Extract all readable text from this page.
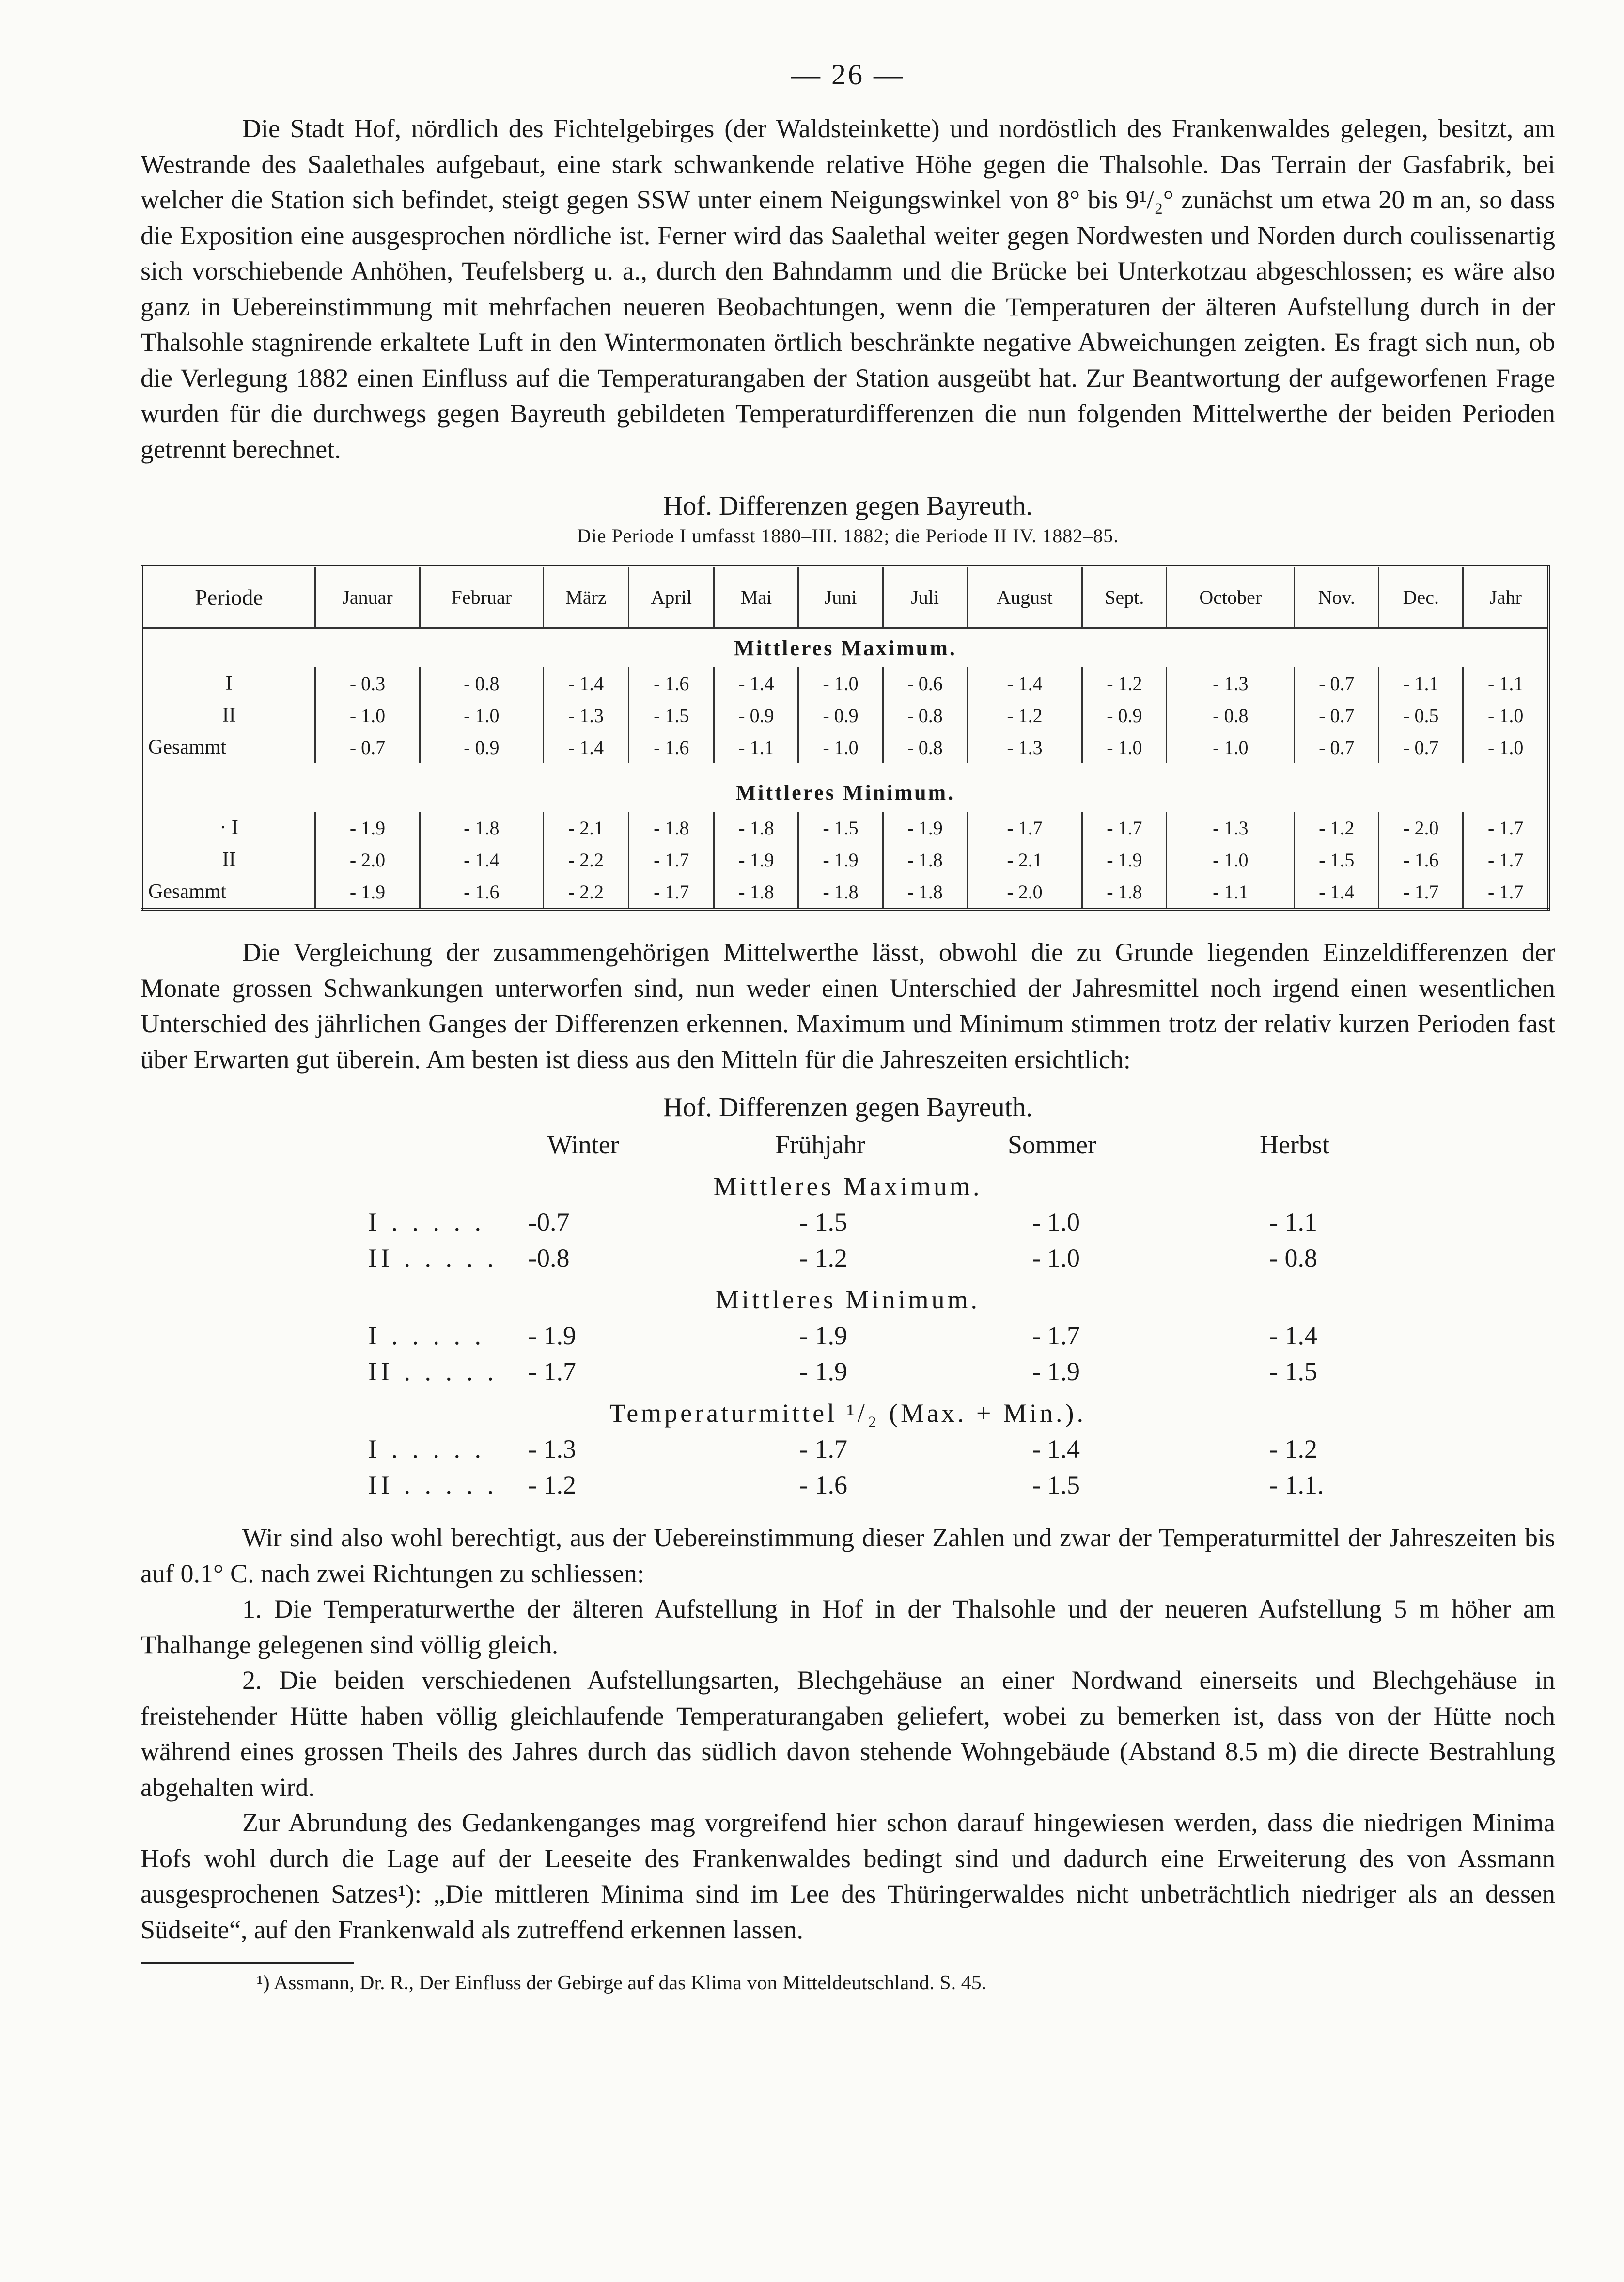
— 26 —

Die Stadt Hof, nördlich des Fichtelgebirges (der Waldsteinkette) und nordöstlich des Frankenwaldes gelegen, besitzt, am Westrande des Saalethales aufgebaut, eine stark schwankende relative Höhe gegen die Thalsohle. Das Terrain der Gasfabrik, bei welcher die Station sich befindet, steigt gegen SSW unter einem Neigungswinkel von 8° bis 9¹/₂° zunächst um etwa 20 m an, so dass die Exposition eine ausgesprochen nördliche ist. Ferner wird das Saalethal weiter gegen Nordwesten und Norden durch coulissenartig sich vorschiebende Anhöhen, Teufelsberg u. a., durch den Bahndamm und die Brücke bei Unterkotzau abgeschlossen; es wäre also ganz in Uebereinstimmung mit mehrfachen neueren Beobachtungen, wenn die Temperaturen der älteren Aufstellung durch in der Thalsohle stagnirende erkaltete Luft in den Wintermonaten örtlich beschränkte negative Abweichungen zeigten. Es fragt sich nun, ob die Verlegung 1882 einen Einfluss auf die Temperaturangaben der Station ausgeübt hat. Zur Beantwortung der aufgeworfenen Frage wurden für die durchwegs gegen Bayreuth gebildeten Temperaturdifferenzen die nun folgenden Mittelwerthe der beiden Perioden getrennt berechnet.

Hof. Differenzen gegen Bayreuth.
Die Periode I umfasst 1880–III. 1882; die Periode II IV. 1882–85.
Periode	Januar	Februar	März	April	Mai	Juni	Juli	August	Sept.	October	Nov.	Dec.	Jahr
Mittleres Maximum.													
I	- 0.3	- 0.8	- 1.4	- 1.6	- 1.4	- 1.0	- 0.6	- 1.4	- 1.2	- 1.3	- 0.7	- 1.1	- 1.1
II	- 1.0	- 1.0	- 1.3	- 1.5	- 0.9	- 0.9	- 0.8	- 1.2	- 0.9	- 0.8	- 0.7	- 0.5	- 1.0
Gesammt	- 0.7	- 0.9	- 1.4	- 1.6	- 1.1	- 1.0	- 0.8	- 1.3	- 1.0	- 1.0	- 0.7	- 0.7	- 1.0

Mittleres Minimum.													
· I	- 1.9	- 1.8	- 2.1	- 1.8	- 1.8	- 1.5	- 1.9	- 1.7	- 1.7	- 1.3	- 1.2	- 2.0	- 1.7
II	- 2.0	- 1.4	- 2.2	- 1.7	- 1.9	- 1.9	- 1.8	- 2.1	- 1.9	- 1.0	- 1.5	- 1.6	- 1.7
Gesammt	- 1.9	- 1.6	- 2.2	- 1.7	- 1.8	- 1.8	- 1.8	- 2.0	- 1.8	- 1.1	- 1.4	- 1.7	- 1.7

Die Vergleichung der zusammengehörigen Mittelwerthe lässt, obwohl die zu Grunde liegenden Einzeldifferenzen der Monate grossen Schwankungen unterworfen sind, nun weder einen Unterschied der Jahresmittel noch irgend einen wesentlichen Unterschied des jährlichen Ganges der Differenzen erkennen. Maximum und Minimum stimmen trotz der relativ kurzen Perioden fast über Erwarten gut überein. Am besten ist diess aus den Mitteln für die Jahreszeiten ersichtlich:

Hof. Differenzen gegen Bayreuth.
Winter	Frühjahr	Sommer	Herbst
Mittleres Maximum.
I . . . . . -0.7	- 1.5	- 1.0	- 1.1
II . . . . . -0.8	- 1.2	- 1.0	- 0.8
Mittleres Minimum.
I . . . . . - 1.9	- 1.9	- 1.7	- 1.4
II . . . . . - 1.7	- 1.9	- 1.9	- 1.5
Temperaturmittel ¹/₂ (Max. + Min.).
I . . . . . - 1.3	- 1.7	- 1.4	- 1.2
II . . . . . - 1.2	- 1.6	- 1.5	- 1.1.

Wir sind also wohl berechtigt, aus der Uebereinstimmung dieser Zahlen und zwar der Temperaturmittel der Jahreszeiten bis auf 0.1° C. nach zwei Richtungen zu schliessen:

1. Die Temperaturwerthe der älteren Aufstellung in Hof in der Thalsohle und der neueren Aufstellung 5 m höher am Thalhange gelegenen sind völlig gleich.

2. Die beiden verschiedenen Aufstellungsarten, Blechgehäuse an einer Nordwand einerseits und Blechgehäuse in freistehender Hütte haben völlig gleichlaufende Temperaturangaben geliefert, wobei zu bemerken ist, dass von der Hütte noch während eines grossen Theils des Jahres durch das südlich davon stehende Wohngebäude (Abstand 8.5 m) die directe Bestrahlung abgehalten wird.

Zur Abrundung des Gedankenganges mag vorgreifend hier schon darauf hingewiesen werden, dass die niedrigen Minima Hofs wohl durch die Lage auf der Leeseite des Frankenwaldes bedingt sind und dadurch eine Erweiterung des von Assmann ausgesprochenen Satzes¹): „Die mittleren Minima sind im Lee des Thüringerwaldes nicht unbeträchtlich niedriger als an dessen Südseite“, auf den Frankenwald als zutreffend erkennen lassen.

¹) Assmann, Dr. R., Der Einfluss der Gebirge auf das Klima von Mitteldeutschland. S. 45.
